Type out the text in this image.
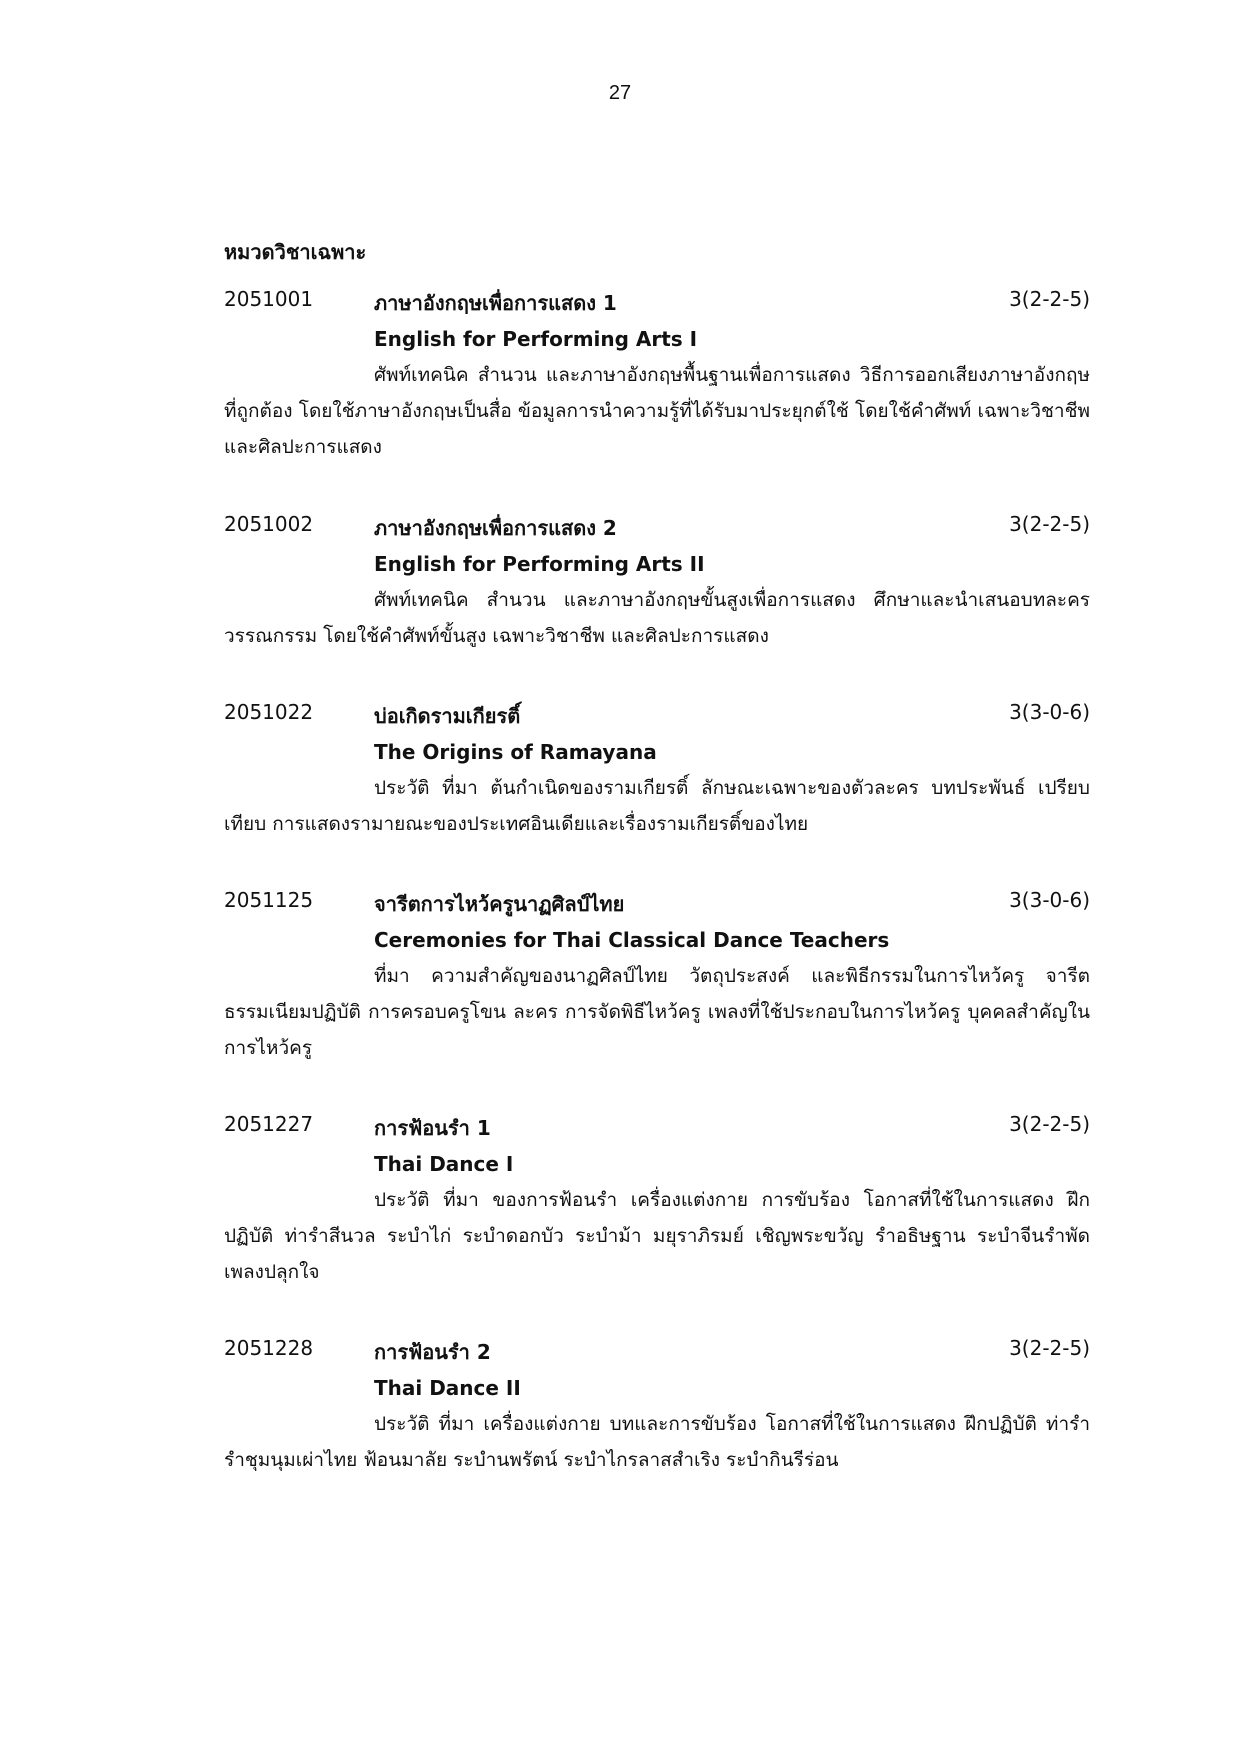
27
หมวดวิชาเฉพาะ
2051001	ภาษาอังกฤษเพื่อการแสดง 1	3(2-2-5)
English for Performing Arts I

ศัพท์เทคนิค สำนวน และภาษาอังกฤษพื้นฐานเพื่อการแสดง วิธีการออกเสียงภาษาอังกฤษที่ถูกต้อง โดยใช้ภาษาอังกฤษเป็นสื่อ ข้อมูลการนำความรู้ที่ได้รับมาประยุกต์ใช้ โดยใช้คำศัพท์ เฉพาะวิชาชีพ และศิลปะการแสดง

2051002	ภาษาอังกฤษเพื่อการแสดง 2	3(2-2-5)
English for Performing Arts II

ศัพท์เทคนิค สำนวน และภาษาอังกฤษขั้นสูงเพื่อการแสดง ศึกษาและนำเสนอบทละคร วรรณกรรม โดยใช้คำศัพท์ขั้นสูง เฉพาะวิชาชีพ และศิลปะการแสดง

2051022	บ่อเกิดรามเกียรติ์	3(3-0-6)
The Origins of Ramayana

ประวัติ ที่มา ต้นกำเนิดของรามเกียรติ์ ลักษณะเฉพาะของตัวละคร บทประพันธ์ เปรียบเทียบ การแสดงรามายณะของประเทศอินเดียและเรื่องรามเกียรติ์ของไทย

2051125	จารีตการไหว้ครูนาฏศิลป์ไทย	3(3-0-6)
Ceremonies for Thai Classical Dance Teachers

ที่มา ความสำคัญของนาฏศิลป์ไทย วัตถุประสงค์ และพิธีกรรมในการไหว้ครู จารีตธรรมเนียมปฏิบัติ การครอบครูโขน ละคร การจัดพิธีไหว้ครู เพลงที่ใช้ประกอบในการไหว้ครู บุคคลสำคัญในการไหว้ครู

2051227	การฟ้อนรำ 1	3(2-2-5)
Thai Dance I

ประวัติ ที่มา ของการฟ้อนรำ เครื่องแต่งกาย การขับร้อง โอกาสที่ใช้ในการแสดง ฝึกปฏิบัติ ท่ารำสีนวล ระบำไก่ ระบำดอกบัว ระบำม้า มยุราภิรมย์ เชิญพระขวัญ รำอธิษฐาน ระบำจีนรำพัด เพลงปลุกใจ

2051228	การฟ้อนรำ 2	3(2-2-5)
Thai Dance II

ประวัติ ที่มา เครื่องแต่งกาย บทและการขับร้อง โอกาสที่ใช้ในการแสดง ฝึกปฏิบัติ ท่ารำ รำชุมนุมเผ่าไทย ฟ้อนมาลัย ระบำนพรัตน์ ระบำไกรลาสสำเริง ระบำกินรีร่อน
